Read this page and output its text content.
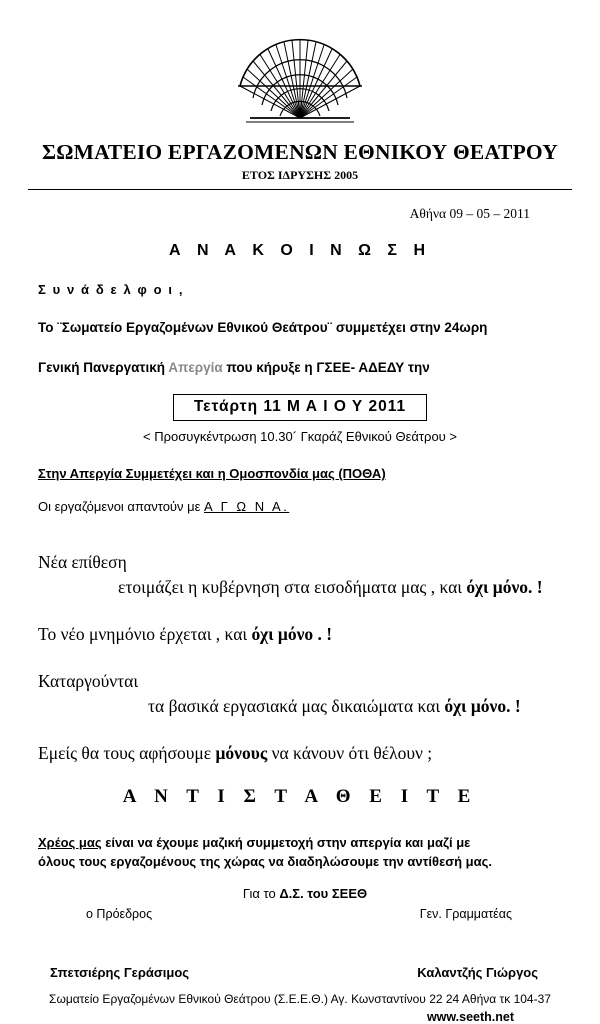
ΣΩΜΑΤΕΙΟ ΕΡΓΑΖΟΜΕΝΩΝ ΕΘΝΙΚΟΥ ΘΕΑΤΡΟΥ
ΕΤΟΣ ΙΔΡΥΣΗΣ 2005
Αθήνα 09 – 05 – 2011
Α Ν Α Κ Ο Ι Ν Ω Σ Η
Σ υ ν ά δ ε λ φ ο ι ,
Το ¨Σωματείο Εργαζομένων Εθνικού Θεάτρου¨ συμμετέχει στην 24ωρη
Γενική Πανεργατική Απεργία που κήρυξε η ΓΣΕΕ- ΑΔΕΔΥ την
Τετάρτη 11 Μ Α Ι Ο Υ 2011
< Προσυγκέντρωση 10.30´ Γκαράζ Εθνικού Θεάτρου >
Στην Απεργία Συμμετέχει και η Ομοσπονδία μας (ΠΟΘΑ)
Οι εργαζόμενοι απαντούν με Α Γ Ω Ν Α.
Νέα επίθεση
ετοιμάζει η κυβέρνηση στα εισοδήματα μας , και όχι μόνο. !
Το νέο μνημόνιο έρχεται , και όχι μόνο . !
Καταργούνται
τα βασικά εργασιακά μας δικαιώματα και όχι μόνο. !
Εμείς θα τους αφήσουμε μόνους να κάνουν ότι θέλουν ;
Α Ν Τ Ι Σ Τ Α Θ Ε Ι Τ Ε
Χρέος μας είναι να έχουμε μαζική συμμετοχή στην απεργία και μαζί με
όλους τους εργαζομένους της χώρας να διαδηλώσουμε την αντίθεσή μας.
Για το Δ.Σ. του ΣΕΕΘ
ο Πρόεδρος	Γεν. Γραμματέας
Σπετσιέρης Γεράσιμος	Καλαντζής Γιώργος
Σωματείο Εργαζομένων Εθνικού Θεάτρου (Σ.Ε.Ε.Θ.) Αγ. Κωνσταντίνου 22 24 Αθήνα τκ 104-37
www.seeth.net
